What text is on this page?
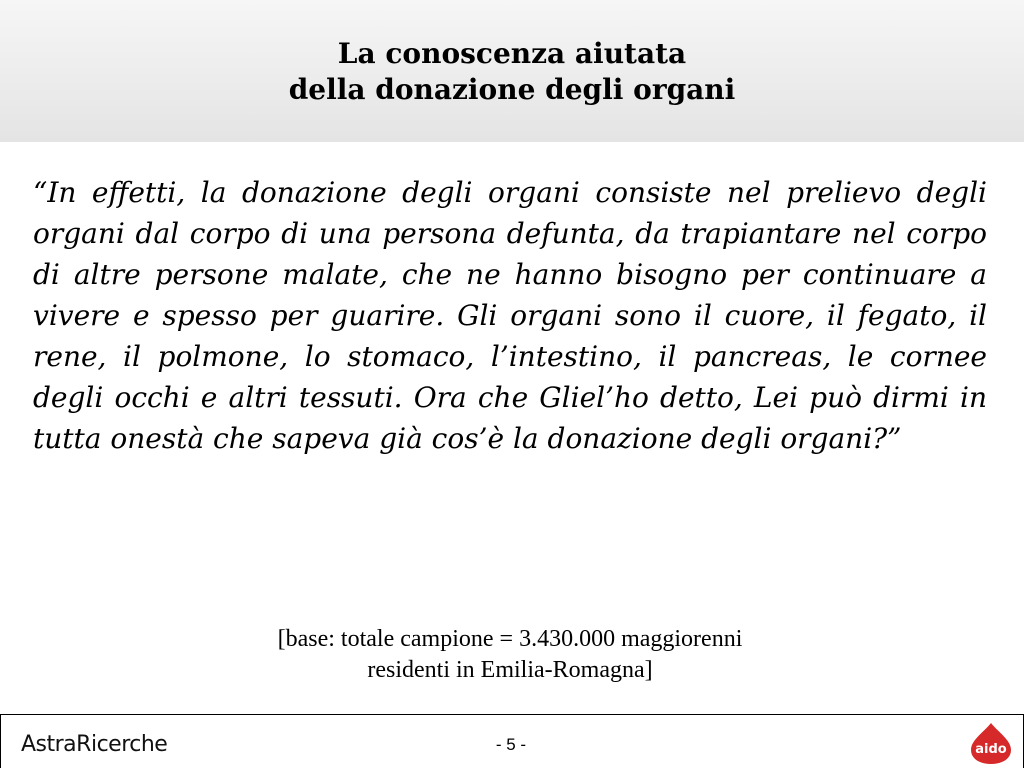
La conoscenza aiutata
della donazione degli organi

“In effetti, la donazione degli organi consiste nel prelievo degli organi dal corpo di una persona defunta, da trapiantare nel corpo di altre persone malate, che ne hanno bisogno per continuare a vivere e spesso per guarire. Gli organi sono il cuore, il fegato, il rene, il polmone, lo stomaco, l’intestino, il pancreas, le cornee degli occhi e altri tessuti. Ora che Gliel’ho detto, Lei può dirmi in tutta onestà che sapeva già cos’è la donazione degli organi?”

[base: totale campione = 3.430.000 maggiorenni
residenti in Emilia-Romagna]
AstraRicerche	- 5 -	aido
